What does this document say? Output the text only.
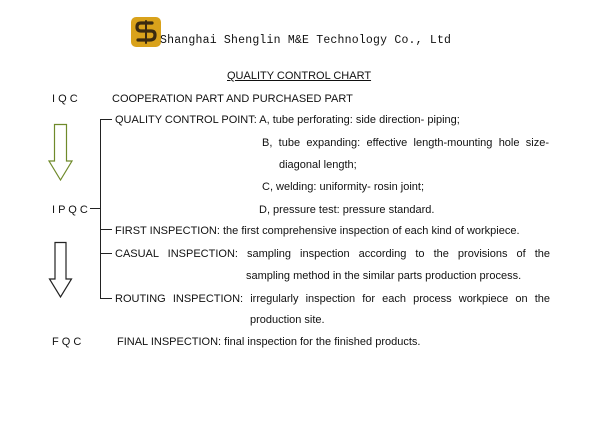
Shanghai Shenglin M&E Technology Co., Ltd
QUALITY CONTROL CHART
I Q C
I P Q C
F Q C
COOPERATION PART AND PURCHASED PART
QUALITY CONTROL POINT: A, tube perforating: side direction- piping;
B, tube expanding: effective length-mounting hole size-
diagonal length;
C, welding: uniformity- rosin joint;
D, pressure test: pressure standard.
FIRST INSPECTION: the first comprehensive inspection of each kind of workpiece.
CASUAL INSPECTION: sampling inspection according to the provisions of the
sampling method in the similar parts production process.
ROUTING INSPECTION: irregularly inspection for each process workpiece on the
production site.
FINAL INSPECTION: final inspection for the finished products.
